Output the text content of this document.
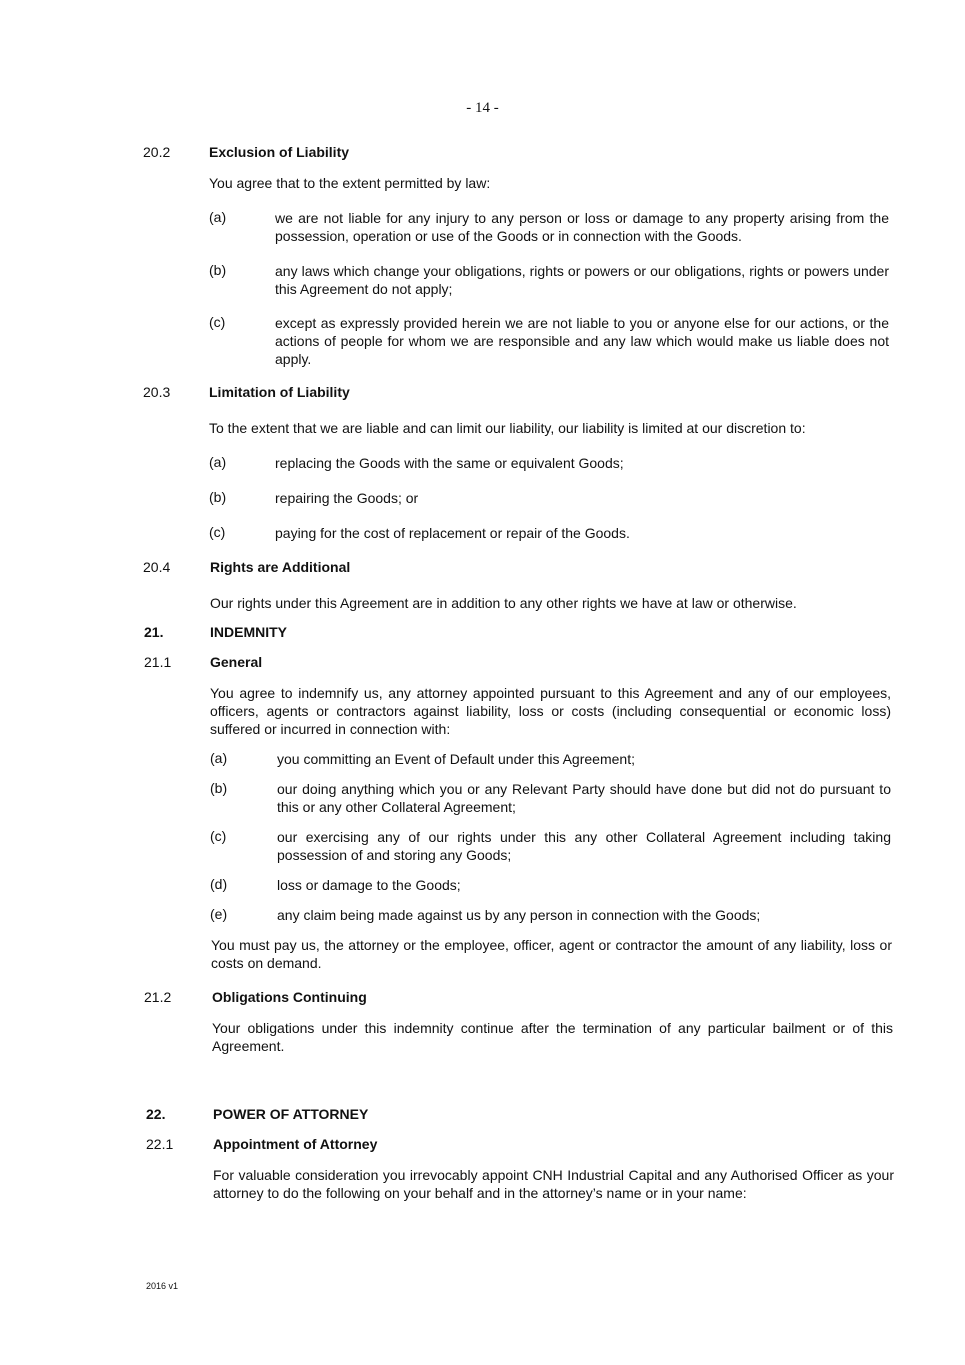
- 14 -
20.2	Exclusion of Liability
You agree that to the extent permitted by law:
(a)	we are not liable for any injury to any person or loss or damage to any property arising from the possession, operation or use of the Goods or in connection with the Goods.
(b)	any laws which change your obligations, rights or powers or our obligations, rights or powers under this Agreement do not apply;
(c)	except as expressly provided herein we are not liable to you or anyone else for our actions, or the actions of people for whom we are responsible and any law which would make us liable does not apply.
20.3	Limitation of Liability
To the extent that we are liable and can limit our liability, our liability is limited at our discretion to:
(a)	replacing the Goods with the same or equivalent Goods;
(b)	repairing the Goods; or
(c)	paying for the cost of replacement or repair of the Goods.
20.4	Rights are Additional
Our rights under this Agreement are in addition to any other rights we have at law or otherwise.
21.	INDEMNITY
21.1	General
You agree to indemnify us, any attorney appointed pursuant to this Agreement and any of our employees, officers, agents or contractors against liability, loss or costs (including consequential or economic loss) suffered or incurred in connection with:
(a)	you committing an Event of Default under this Agreement;
(b)	our doing anything which you or any Relevant Party should have done but did not do pursuant to this or any other Collateral Agreement;
(c)	our exercising any of our rights under this any other Collateral Agreement including taking possession of and storing any Goods;
(d)	loss or damage to the Goods;
(e)	any claim being made against us by any person in connection with the Goods;
You must pay us, the attorney or the employee, officer, agent or contractor the amount of any liability, loss or costs on demand.
21.2	Obligations Continuing
Your obligations under this indemnity continue after the termination of any particular bailment or of this Agreement.
22.	POWER OF ATTORNEY
22.1	Appointment of Attorney
For valuable consideration you irrevocably appoint CNH Industrial Capital and any Authorised Officer as your attorney to do the following on your behalf and in the attorney’s name or in your name:
2016 v1
